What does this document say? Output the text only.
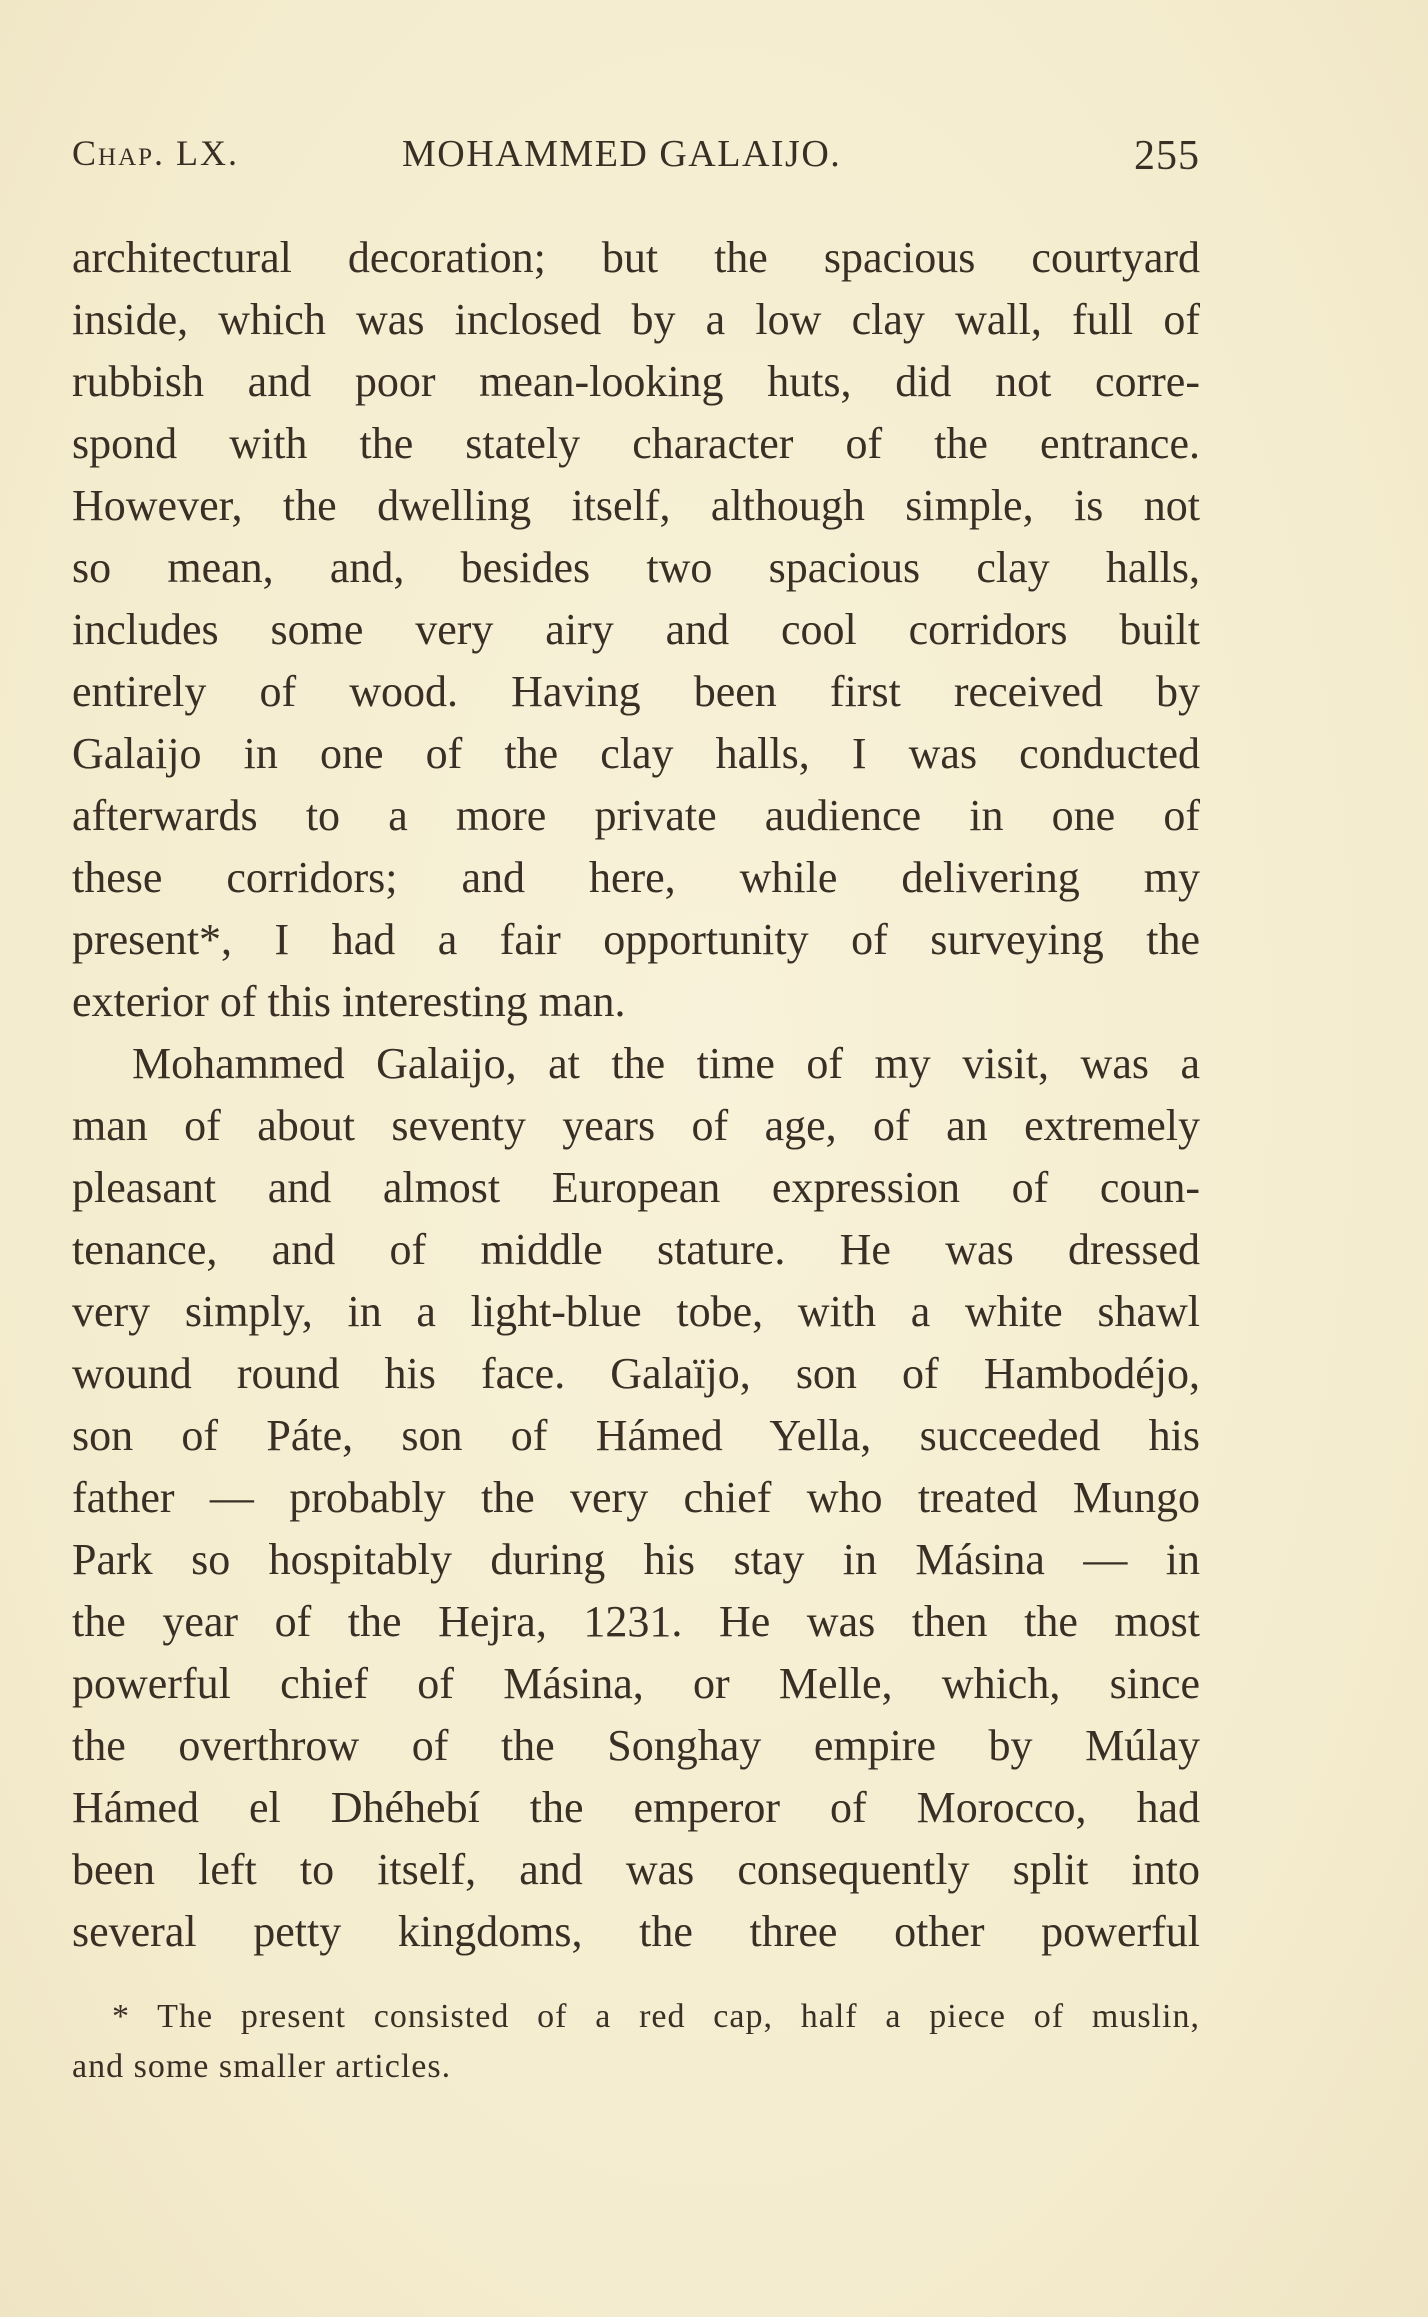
Chap. LX.	MOHAMMED GALAIJO.	255
architectural decoration; but the spacious courtyard
inside, which was inclosed by a low clay wall, full of
rubbish and poor mean-looking huts, did not corre-
spond with the stately character of the entrance.
However, the dwelling itself, although simple, is not
so mean, and, besides two spacious clay halls,
includes some very airy and cool corridors built
entirely of wood. Having been first received by
Galaijo in one of the clay halls, I was conducted
afterwards to a more private audience in one of
these corridors; and here, while delivering my
present*, I had a fair opportunity of surveying the
exterior of this interesting man.
Mohammed Galaijo, at the time of my visit, was a
man of about seventy years of age, of an extremely
pleasant and almost European expression of coun-
tenance, and of middle stature. He was dressed
very simply, in a light-blue tobe, with a white shawl
wound round his face. Galaïjo, son of Hambodéjo,
son of Páte, son of Hámed Yella, succeeded his
father — probably the very chief who treated Mungo
Park so hospitably during his stay in Másina — in
the year of the Hejra, 1231. He was then the most
powerful chief of Másina, or Melle, which, since
the overthrow of the Songhay empire by Múlay
Hámed el Dhéhebí the emperor of Morocco, had
been left to itself, and was consequently split into
several petty kingdoms, the three other powerful
* The present consisted of a red cap, half a piece of muslin,
and some smaller articles.
